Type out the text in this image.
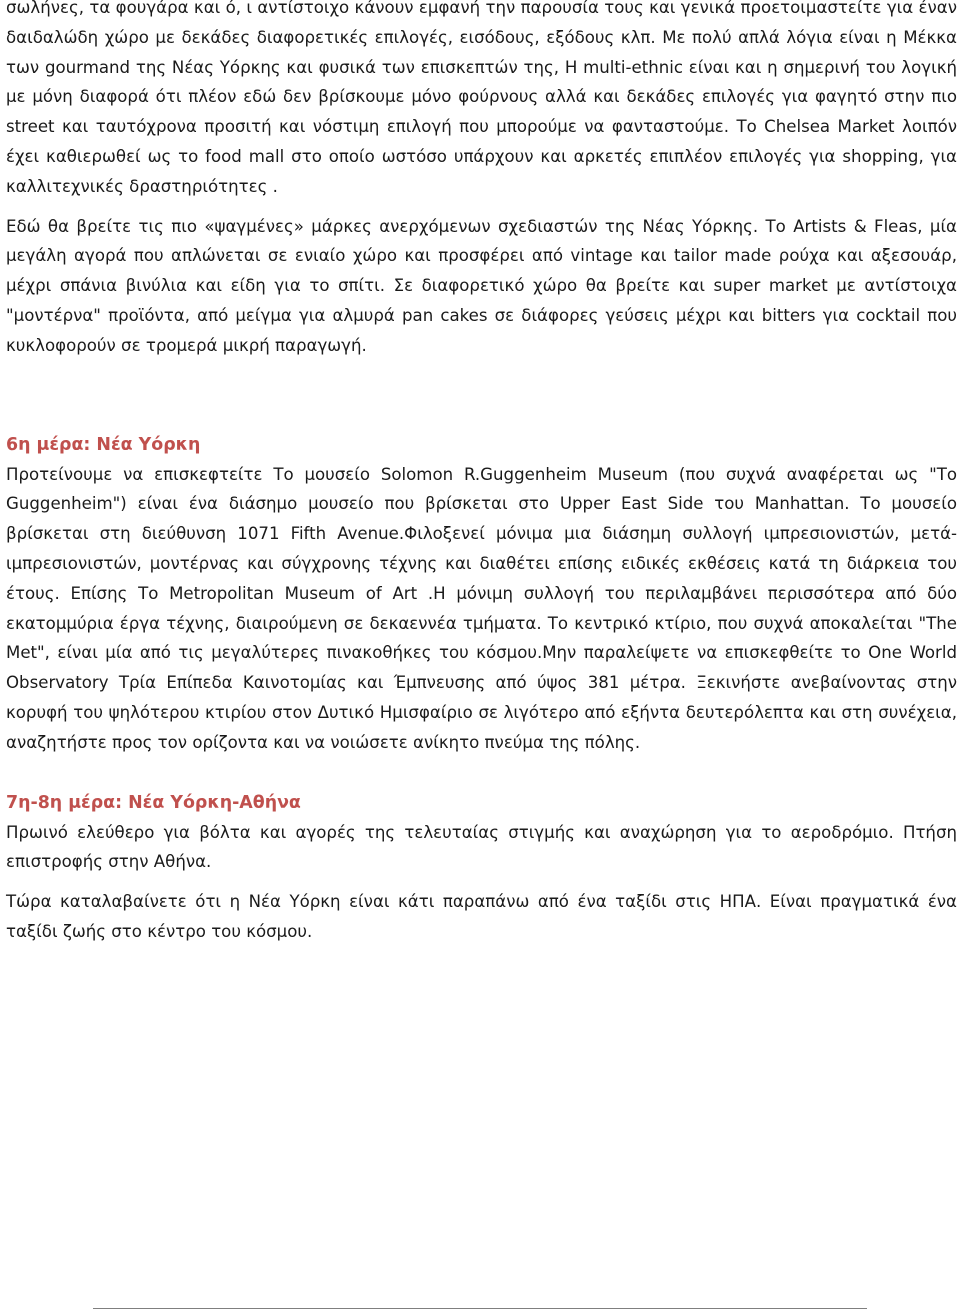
σωλήνες, τα φουγάρα και ό, ι αντίστοιχο κάνουν εμφανή την παρουσία τους και γενικά προετοιμαστείτε για έναν δαιδαλώδη χώρο με δεκάδες διαφορετικές επιλογές, εισόδους, εξόδους κλπ. Με πολύ απλά λόγια είναι η Μέκκα των gourmand της Νέας Υόρκης και φυσικά των επισκεπτών της, Η multi-ethnic είναι και η σημερινή του λογική με μόνη διαφορά ότι πλέον εδώ δεν βρίσκουμε μόνο φούρνους αλλά και δεκάδες επιλογές για φαγητό στην πιο street και ταυτόχρονα προσιτή και νόστιμη επιλογή που μπορούμε να φανταστούμε. Το Chelsea Market λοιπόν έχει καθιερωθεί ως το food mall στο οποίο ωστόσο υπάρχουν και αρκετές επιπλέον επιλογές για shopping, για καλλιτεχνικές δραστηριότητες .

Εδώ θα βρείτε τις πιο «ψαγμένες» μάρκες ανερχόμενων σχεδιαστών της Νέας Υόρκης. Το Artists & Fleas, μία μεγάλη αγορά που απλώνεται σε ενιαίο χώρο και προσφέρει από vintage και tailor made ρούχα και αξεσουάρ, μέχρι σπάνια βινύλια και είδη για το σπίτι. Σε διαφορετικό χώρο θα βρείτε και super market με αντίστοιχα "μοντέρνα" προϊόντα, από μείγμα για αλμυρά pan cakes σε διάφορες γεύσεις μέχρι και bitters για cocktail που κυκλοφορούν σε τρομερά μικρή παραγωγή.

6η μέρα: Νέα Υόρκη

Προτείνουμε να επισκεφτείτε Το μουσείο Solomon R.Guggenheim Museum (που συχνά αναφέρεται ως "Το Guggenheim") είναι ένα διάσημο μουσείο που βρίσκεται στο Upper East Side του Manhattan. Το μουσείο βρίσκεται στη διεύθυνση 1071 Fifth Avenue.Φιλοξενεί μόνιμα μια διάσημη συλλογή ιμπρεσιονιστών, μετά-ιμπρεσιονιστών, μοντέρνας και σύγχρονης τέχνης και διαθέτει επίσης ειδικές εκθέσεις κατά τη διάρκεια του έτους. Επίσης Το Metropolitan Museum of Art .Η μόνιμη συλλογή του περιλαμβάνει περισσότερα από δύο εκατομμύρια έργα τέχνης, διαιρούμενη σε δεκαεννέα τμήματα. Το κεντρικό κτίριο, που συχνά αποκαλείται "The Met", είναι μία από τις μεγαλύτερες πινακοθήκες του κόσμου.Μην παραλείψετε να επισκεφθείτε το One World Observatory Τρία Επίπεδα Καινοτομίας και Έμπνευσης από ύψος 381 μέτρα. Ξεκινήστε ανεβαίνοντας στην κορυφή του ψηλότερου κτιρίου στον Δυτικό Ημισφαίριο σε λιγότερο από εξήντα δευτερόλεπτα και στη συνέχεια, αναζητήστε προς τον ορίζοντα και να νοιώσετε ανίκητο πνεύμα της πόλης.

7η-8η μέρα: Νέα Υόρκη-Αθήνα

Πρωινό ελεύθερο για βόλτα και αγορές της τελευταίας στιγμής και αναχώρηση για το αεροδρόμιο. Πτήση επιστροφής στην Αθήνα.

Τώρα καταλαβαίνετε ότι η Νέα Υόρκη είναι κάτι παραπάνω από ένα ταξίδι στις ΗΠΑ. Είναι πραγματικά ένα ταξίδι ζωής στο κέντρο του κόσμου.
